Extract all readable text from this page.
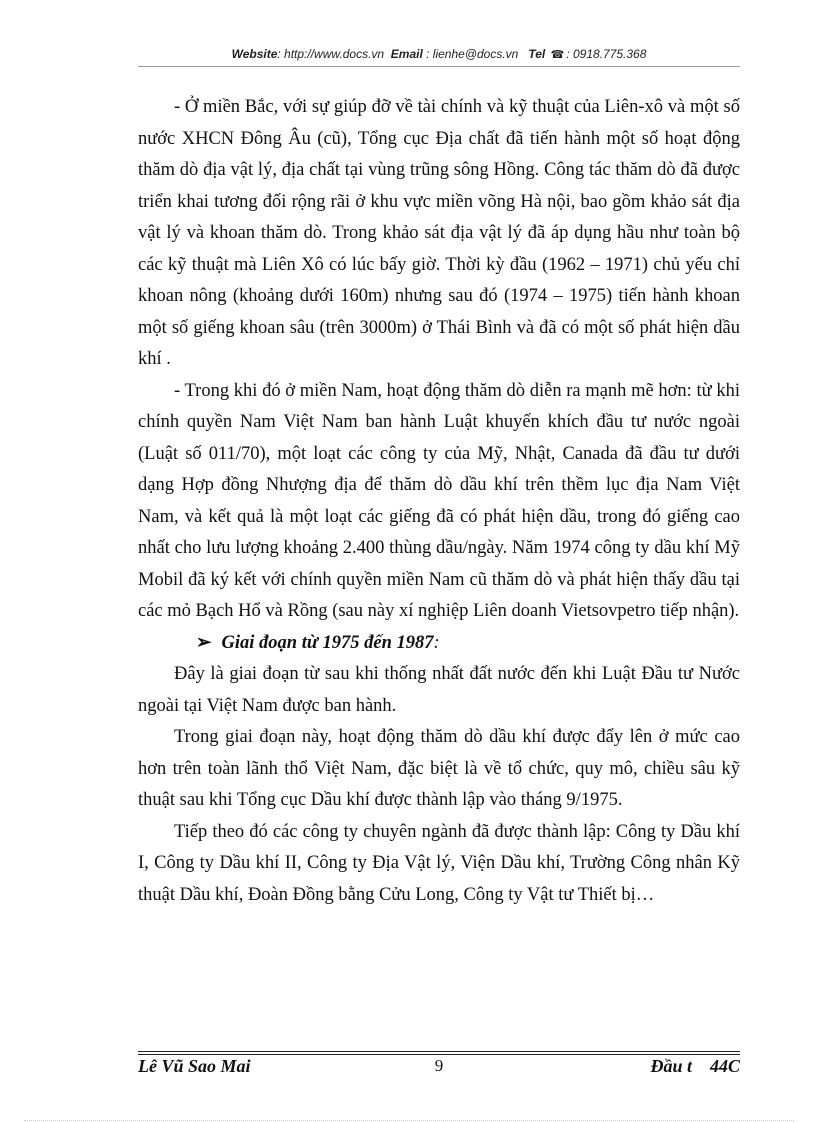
Website: http://www.docs.vn Email : lienhe@docs.vn Tel ☎ : 0918.775.368

- Ở miền Bắc, với sự giúp đỡ về tài chính và kỹ thuật của Liên-xô và một số nước XHCN Đông Âu (cũ), Tổng cục Địa chất đã tiến hành một số hoạt động thăm dò địa vật lý, địa chất tại vùng trũng sông Hồng. Công tác thăm dò đã được triển khai tương đối rộng rãi ở khu vực miền võng Hà nội, bao gồm khảo sát địa vật lý và khoan thăm dò. Trong khảo sát địa vật lý đã áp dụng hầu như toàn bộ các kỹ thuật mà Liên Xô có lúc bấy giờ. Thời kỳ đầu (1962 – 1971) chủ yếu chỉ khoan nông (khoảng dưới 160m) nhưng sau đó (1974 – 1975) tiến hành khoan một số giếng khoan sâu (trên 3000m) ở Thái Bình và đã có một số phát hiện dầu khí .

- Trong khi đó ở miền Nam, hoạt động thăm dò diễn ra mạnh mẽ hơn: từ khi chính quyền Nam Việt Nam ban hành Luật khuyến khích đầu tư nước ngoài (Luật số 011/70), một loạt các công ty của Mỹ, Nhật, Canada đã đầu tư dưới dạng Hợp đồng Nhượng địa để thăm dò dầu khí trên thềm lục địa Nam Việt Nam, và kết quả là một loạt các giếng đã có phát hiện dầu, trong đó giếng cao nhất cho lưu lượng khoảng 2.400 thùng dầu/ngày. Năm 1974 công ty dầu khí Mỹ Mobil đã ký kết với chính quyền miền Nam cũ thăm dò và phát hiện thấy dầu tại các mỏ Bạch Hổ và Rồng (sau này xí nghiệp Liên doanh Vietsovpetro tiếp nhận).

➢ Giai đoạn từ 1975 đến 1987:

Đây là giai đoạn từ sau khi thống nhất đất nước đến khi Luật Đầu tư Nước ngoài tại Việt Nam được ban hành.

Trong giai đoạn này, hoạt động thăm dò dầu khí được đẩy lên ở mức cao hơn trên toàn lãnh thổ Việt Nam, đặc biệt là về tổ chức, quy mô, chiều sâu kỹ thuật sau khi Tổng cục Dầu khí được thành lập vào tháng 9/1975.

Tiếp theo đó các công ty chuyên ngành đã được thành lập: Công ty Dầu khí I, Công ty Dầu khí II, Công ty Địa Vật lý, Viện Dầu khí, Trường Công nhân Kỹ thuật Dầu khí, Đoàn Đồng bằng Cửu Long, Công ty Vật tư Thiết bị…

Lê Vũ Sao Mai	9	Đầu t    44C
